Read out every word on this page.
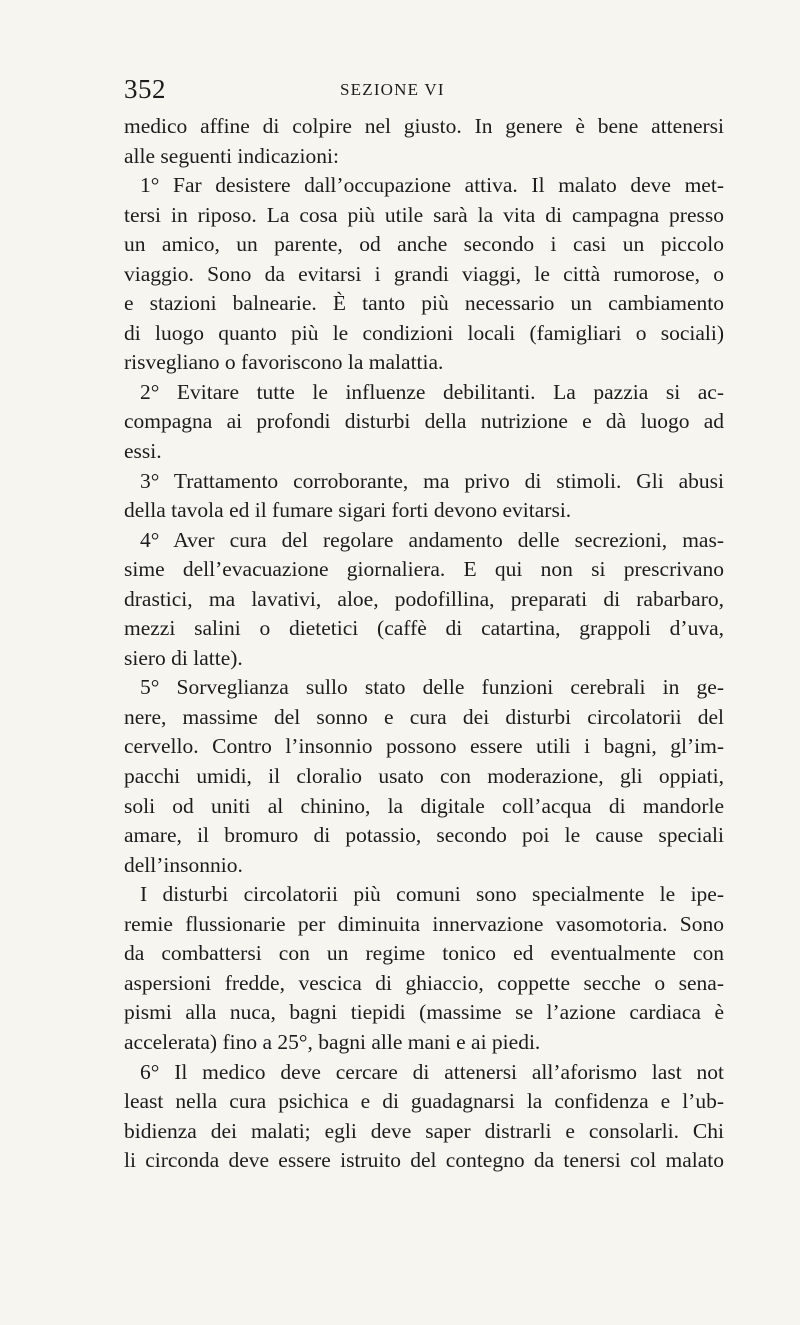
352	SEZIONE VI
medico affine di colpire nel giusto. In genere è bene attenersi
alle seguenti indicazioni:
1° Far desistere dall’occupazione attiva. Il malato deve met-
tersi in riposo. La cosa più utile sarà la vita di campagna presso
un amico, un parente, od anche secondo i casi un piccolo
viaggio. Sono da evitarsi i grandi viaggi, le città rumorose, o
e stazioni balnearie. È tanto più necessario un cambiamento
di luogo quanto più le condizioni locali (famigliari o sociali)
risvegliano o favoriscono la malattia.
2° Evitare tutte le influenze debilitanti. La pazzia si ac-
compagna ai profondi disturbi della nutrizione e dà luogo ad
essi.
3° Trattamento corroborante, ma privo di stimoli. Gli abusi
della tavola ed il fumare sigari forti devono evitarsi.
4° Aver cura del regolare andamento delle secrezioni, mas-
sime dell’evacuazione giornaliera. E qui non si prescrivano
drastici, ma lavativi, aloe, podofillina, preparati di rabarbaro,
mezzi salini o dietetici (caffè di catartina, grappoli d’uva,
siero di latte).
5° Sorveglianza sullo stato delle funzioni cerebrali in ge-
nere, massime del sonno e cura dei disturbi circolatorii del
cervello. Contro l’insonnio possono essere utili i bagni, gl’im-
pacchi umidi, il cloralio usato con moderazione, gli oppiati,
soli od uniti al chinino, la digitale coll’acqua di mandorle
amare, il bromuro di potassio, secondo poi le cause speciali
dell’insonnio.
I disturbi circolatorii più comuni sono specialmente le ipe-
remie flussionarie per diminuita innervazione vasomotoria. Sono
da combattersi con un regime tonico ed eventualmente con
aspersioni fredde, vescica di ghiaccio, coppette secche o sena-
pismi alla nuca, bagni tiepidi (massime se l’azione cardiaca è
accelerata) fino a 25°, bagni alle mani e ai piedi.
6° Il medico deve cercare di attenersi all’aforismo last not
least nella cura psichica e di guadagnarsi la confidenza e l’ub-
bidienza dei malati; egli deve saper distrarli e consolarli. Chi
li circonda deve essere istruito del contegno da tenersi col malato
